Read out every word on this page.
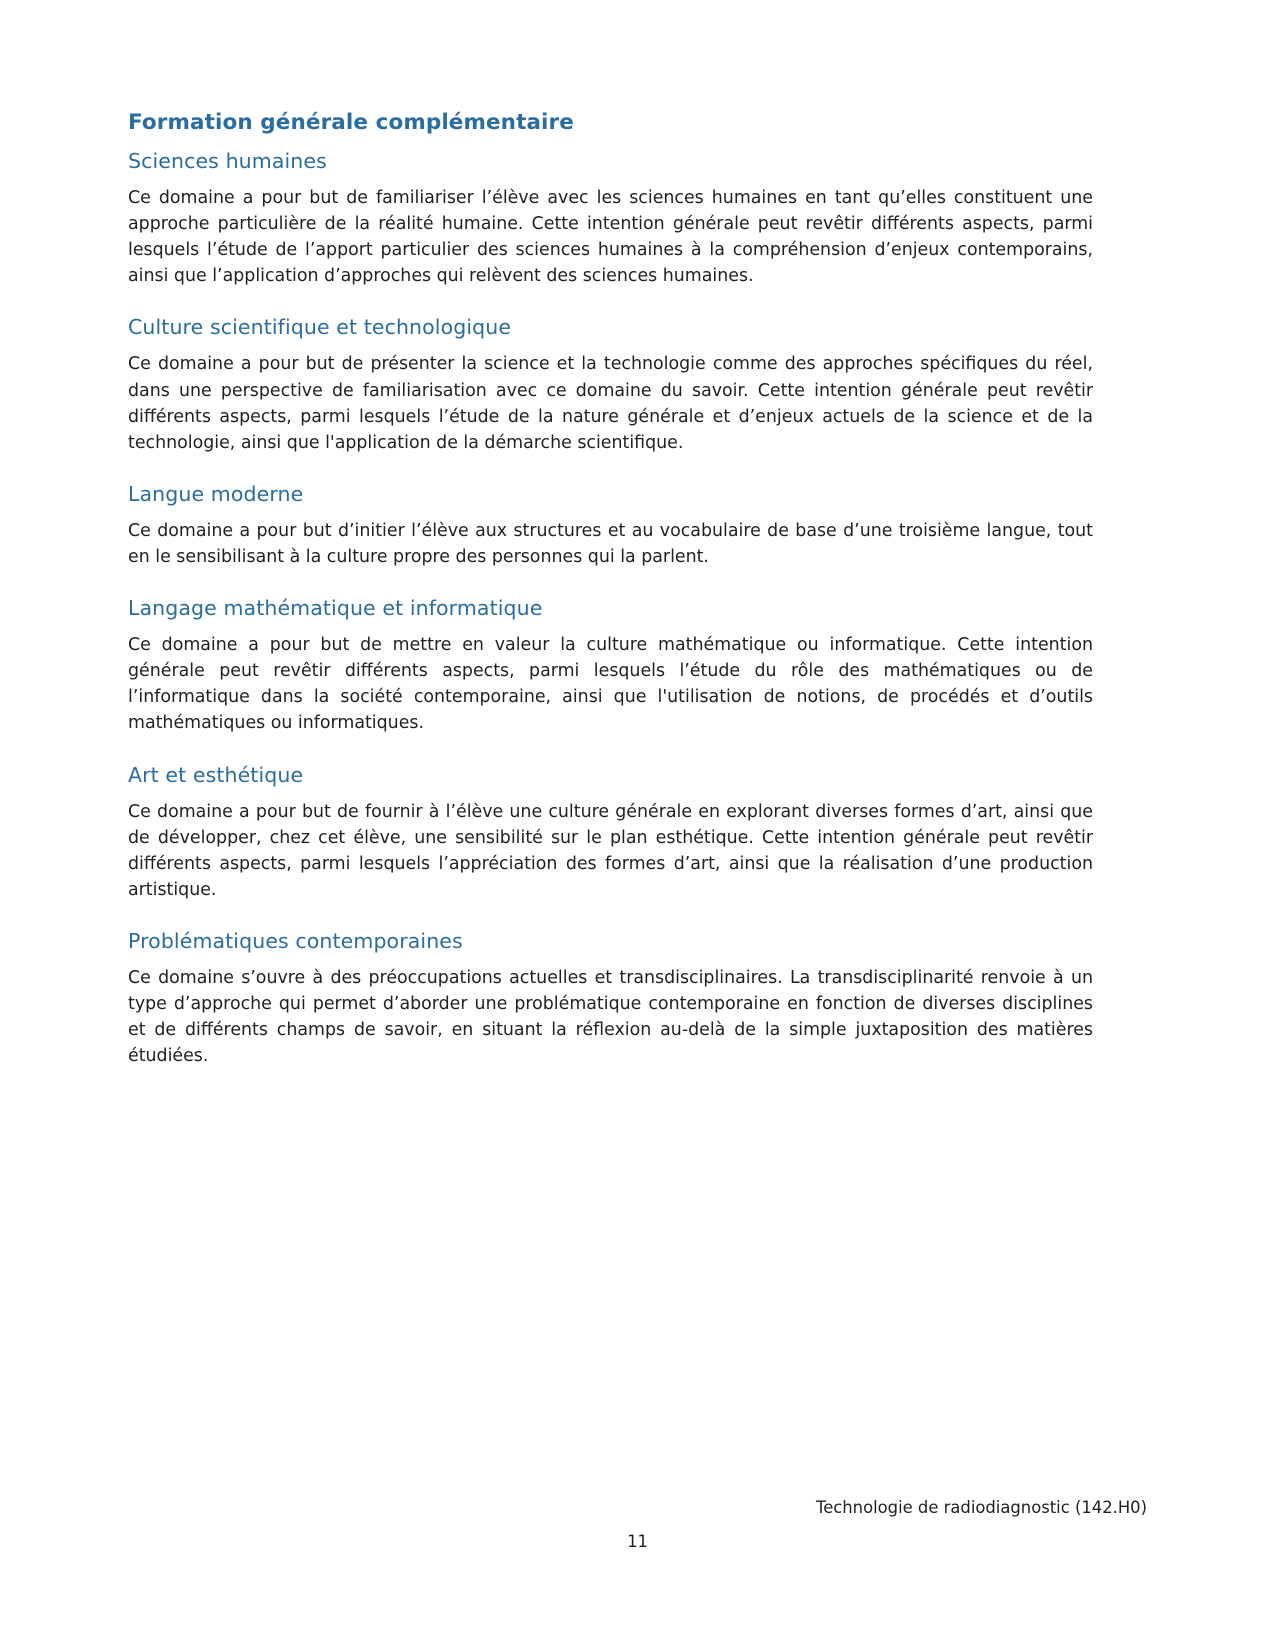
Formation générale complémentaire
Sciences humaines

Ce domaine a pour but de familiariser l’élève avec les sciences humaines en tant qu’elles constituent une approche particulière de la réalité humaine. Cette intention générale peut revêtir différents aspects, parmi lesquels l’étude de l’apport particulier des sciences humaines à la compréhension d’enjeux contemporains, ainsi que l’application d’approches qui relèvent des sciences humaines.

Culture scientifique et technologique

Ce domaine a pour but de présenter la science et la technologie comme des approches spécifiques du réel, dans une perspective de familiarisation avec ce domaine du savoir. Cette intention générale peut revêtir différents aspects, parmi lesquels l’étude de la nature générale et d’enjeux actuels de la science et de la technologie, ainsi que l'application de la démarche scientifique.

Langue moderne

Ce domaine a pour but d’initier l’élève aux structures et au vocabulaire de base d’une troisième langue, tout en le sensibilisant à la culture propre des personnes qui la parlent.

Langage mathématique et informatique

Ce domaine a pour but de mettre en valeur la culture mathématique ou informatique. Cette intention générale peut revêtir différents aspects, parmi lesquels l’étude du rôle des mathématiques ou de l’informatique dans la société contemporaine, ainsi que l'utilisation de notions, de procédés et d’outils mathématiques ou informatiques.

Art et esthétique

Ce domaine a pour but de fournir à l’élève une culture générale en explorant diverses formes d’art, ainsi que de développer, chez cet élève, une sensibilité sur le plan esthétique. Cette intention générale peut revêtir différents aspects, parmi lesquels l’appréciation des formes d’art, ainsi que la réalisation d’une production artistique.

Problématiques contemporaines

Ce domaine s’ouvre à des préoccupations actuelles et transdisciplinaires. La transdisciplinarité renvoie à un type d’approche qui permet d’aborder une problématique contemporaine en fonction de diverses disciplines et de différents champs de savoir, en situant la réflexion au-delà de la simple juxtaposition des matières étudiées.

Technologie de radiodiagnostic (142.H0)
11
